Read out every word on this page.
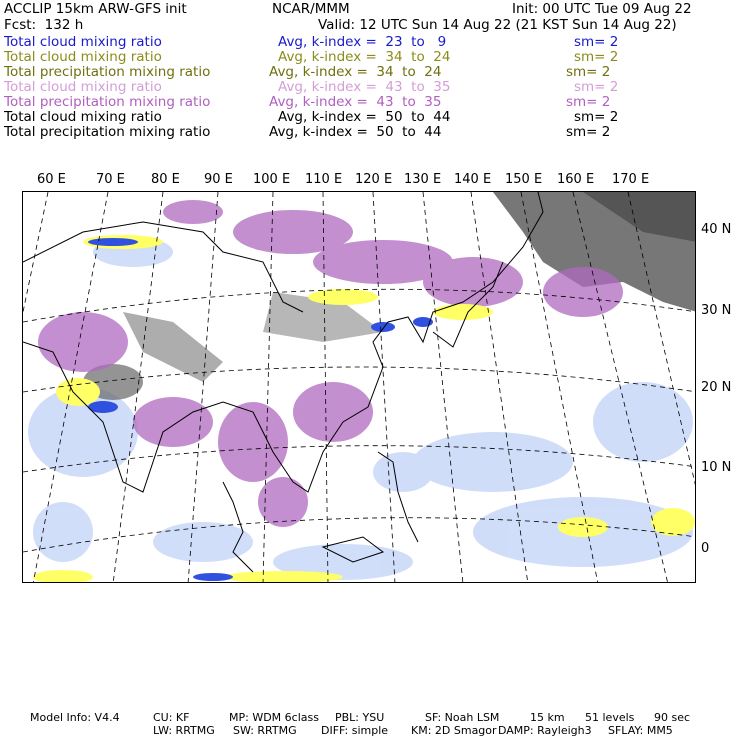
ACCLIP 15km ARW-GFS init	NCAR/MMM	Init: 00 UTC Tue 09 Aug 22
Fcst:  132 h	Valid: 12 UTC Sun 14 Aug 22 (21 KST Sun 14 Aug 22)

Total cloud mixing ratio

	Avg, k-index =  23  to   9

	sm= 2

Total cloud mixing ratio

	Avg, k-index =  34  to  24

	sm= 2

Total precipitation mixing ratio

	Avg, k-index =  34  to  24

	sm= 2

Total cloud mixing ratio

	Avg, k-index =  43  to  35

	sm= 2

Total precipitation mixing ratio

	Avg, k-index =  43  to  35

	sm= 2

Total cloud mixing ratio

	Avg, k-index =  50  to  44

	sm= 2

Total precipitation mixing ratio

	Avg, k-index =  50  to  44

	sm= 2

60 E 70 E 80 E 90 E 100 E 110 E 120 E 130 E 140 E 150 E 160 E 170 E
40 N
30 N
20 N
10 N
0
Model Info: V4.4	CU: KF	MP: WDM 6class PBL: YSU	SF: Noah LSM	15 km 51 levels 90 sec
LW: RRTMG SW: RRTMG DIFF: simple KM: 2D Smagor DAMP: Rayleigh3 SFLAY: MM5
